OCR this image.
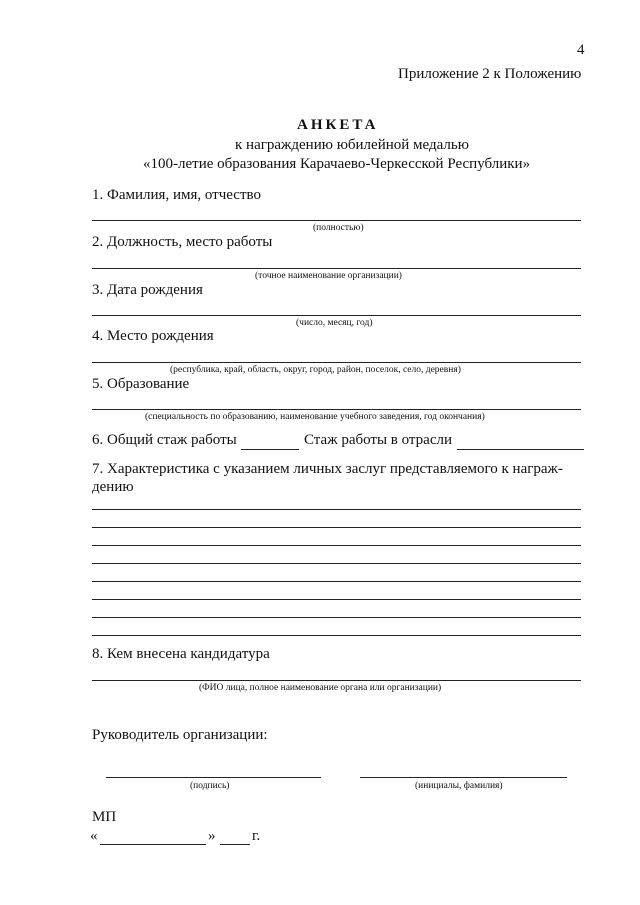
4
Приложение 2 к Положению
АНКЕТА
к награждению юбилейной медалью
«100-летие образования Карачаево-Черкесской Республики»
1. Фамилия, имя, отчество
(полностью)
2. Должность, место работы
(точное наименование организации)
3. Дата рождения
(число, месяц, год)
4. Место рождения
(республика, край, область, округ, город, район, поселок, село, деревня)
5. Образование
(специальность по образованию, наименование учебного заведения, год окончания)
6. Общий стаж работы	Стаж работы в отрасли
7. Характеристика с указанием личных заслуг представляемого к награж-
дению
8. Кем внесена кандидатура
(ФИО лица, полное наименование органа или организации)
Руководитель организации:
(подпись)	(инициалы, фамилия)
МП
«	» г.
